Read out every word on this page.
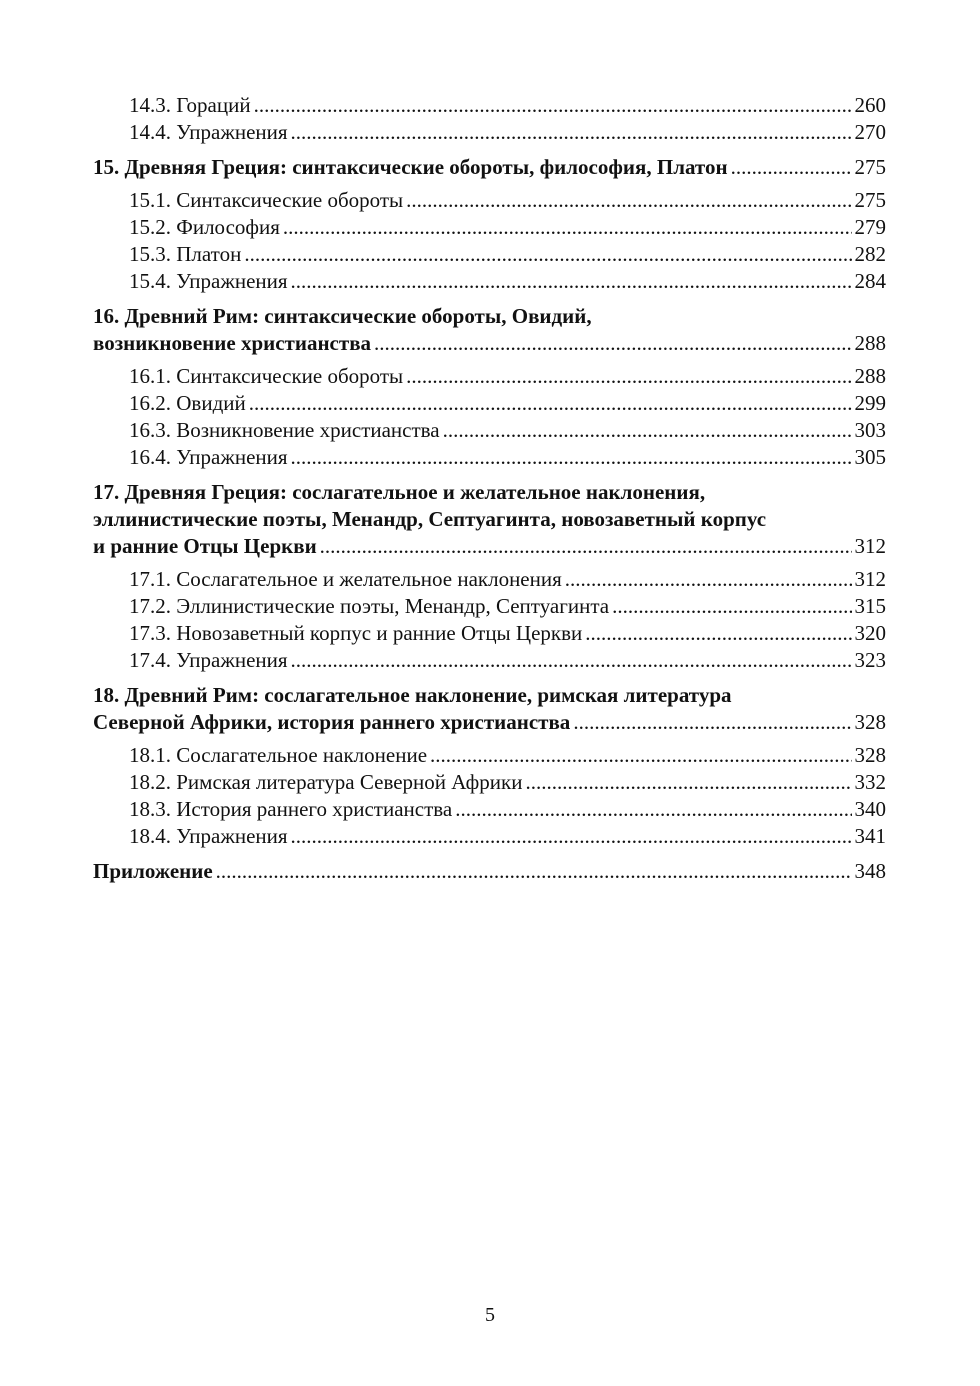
14.3. Гораций .....	260
14.4. Упражнения .....	270
15. Древняя Греция: синтаксические обороты, философия, Платон .....	275
15.1. Синтаксические обороты .....	275
15.2. Философия .....	279
15.3. Платон .....	282
15.4. Упражнения .....	284
16. Древний Рим: синтаксические обороты, Овидий,
возникновение христианства .....	288
16.1. Синтаксические обороты .....	288
16.2. Овидий .....	299
16.3. Возникновение христианства .....	303
16.4. Упражнения .....	305
17. Древняя Греция: сослагательное и желательное наклонения,
эллинистические поэты, Менандр, Септуагинта, новозаветный корпус
и ранние Отцы Церкви .....	312
17.1. Сослагательное и желательное наклонения .....	312
17.2. Эллинистические поэты, Менандр, Септуагинта .....	315
17.3. Новозаветный корпус и ранние Отцы Церкви .....	320
17.4. Упражнения .....	323
18. Древний Рим: сослагательное наклонение, римская литература
Северной Африки, история раннего христианства .....	328
18.1. Сослагательное наклонение .....	328
18.2. Римская литература Северной Африки .....	332
18.3. История раннего христианства .....	340
18.4. Упражнения .....	341
Приложение .....	348
5
